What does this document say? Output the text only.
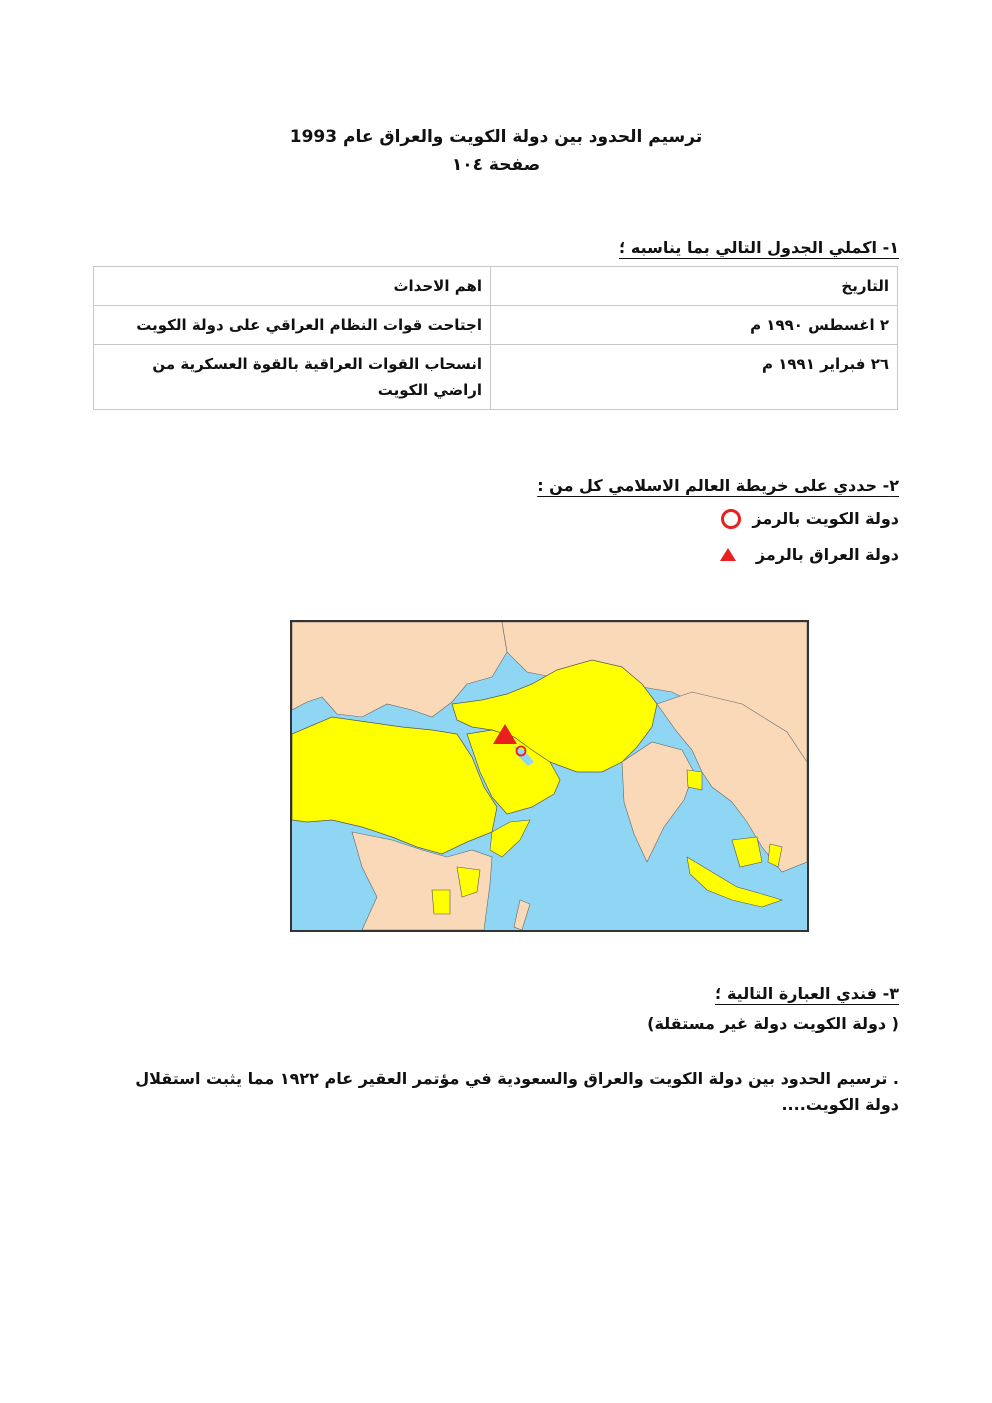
ترسيم الحدود بين دولة الكويت والعراق عام 1993
صفحة ١٠٤
١- اكملي الجدول التالي بما يناسبه ؛
التاريخ	اهم الاحداث
٢ اغسطس ١٩٩٠ م	اجتاحت قوات النظام العراقي على دولة الكويت
٢٦ فبراير ١٩٩١ م	انسحاب القوات العراقية بالقوة العسكرية من اراضي الكويت
٢- حددي على خريطة العالم الاسلامي كل من :
دولة الكويت بالرمز
دولة العراق بالرمز
٣- فندي العبارة التالية ؛
( دولة الكويت دولة غير مستقلة)
. ترسيم الحدود بين دولة الكويت والعراق والسعودية في مؤتمر العقير عام ١٩٢٢ مما يثبت استقلال دولة الكويت....
